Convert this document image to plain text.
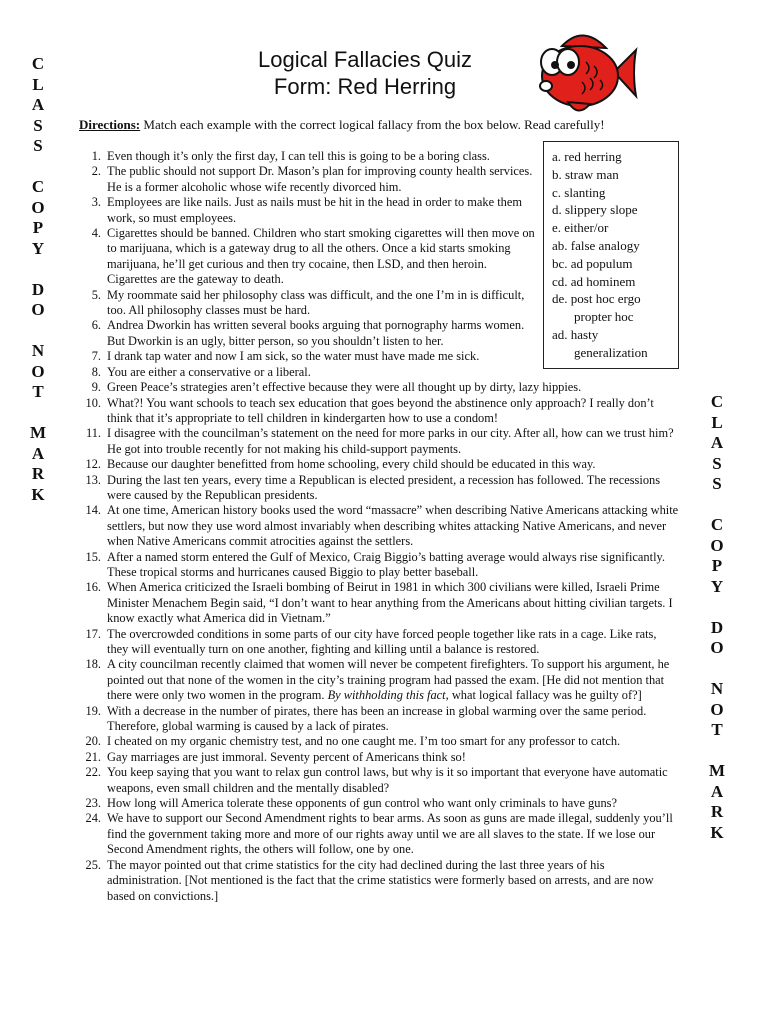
C
L
A
S
S
C
O
P
Y
D
O
N
O
T
M
A
R
K
C
L
A
S
S
C
O
P
Y
D
O
N
O
T
M
A
R
K
Logical Fallacies Quiz
Form: Red Herring
Directions: Match each example with the correct logical fallacy from the box below. Read carefully!
1. Even though it’s only the first day, I can tell this is going to be a boring class.
2. The public should not support Dr. Mason’s plan for improving county health services. He is a former alcoholic whose wife recently divorced him.
3. Employees are like nails. Just as nails must be hit in the head in order to make them work, so must employees.
4. Cigarettes should be banned. Children who start smoking cigarettes will then move on to marijuana, which is a gateway drug to all the others. Once a kid starts smoking marijuana, he’ll get curious and then try cocaine, then LSD, and then heroin. Cigarettes are the gateway to death.
5. My roommate said her philosophy class was difficult, and the one I’m in is difficult, too. All philosophy classes must be hard.
6. Andrea Dworkin has written several books arguing that pornography harms women. But Dworkin is an ugly, bitter person, so you shouldn’t listen to her.
7. I drank tap water and now I am sick, so the water must have made me sick.
8. You are either a conservative or a liberal.
9. Green Peace’s strategies aren’t effective because they were all thought up by dirty, lazy hippies.
10. What?! You want schools to teach sex education that goes beyond the abstinence only approach? I really don’t think that it’s appropriate to tell children in kindergarten how to use a condom!
11. I disagree with the councilman’s statement on the need for more parks in our city. After all, how can we trust him? He got into trouble recently for not making his child-support payments.
12. Because our daughter benefitted from home schooling, every child should be educated in this way.
13. During the last ten years, every time a Republican is elected president, a recession has followed. The recessions were caused by the Republican presidents.
14. At one time, American history books used the word “massacre” when describing Native Americans attacking white settlers, but now they use word almost invariably when describing whites attacking Native Americans, and never when Native Americans commit atrocities against the settlers.
15. After a named storm entered the Gulf of Mexico, Craig Biggio’s batting average would always rise significantly. These tropical storms and hurricanes caused Biggio to play better baseball.
16. When America criticized the Israeli bombing of Beirut in 1981 in which 300 civilians were killed, Israeli Prime Minister Menachem Begin said, “I don’t want to hear anything from the Americans about hitting civilian targets. I know exactly what America did in Vietnam.”
17. The overcrowded conditions in some parts of our city have forced people together like rats in a cage. Like rats, they will eventually turn on one another, fighting and killing until a balance is restored.
18. A city councilman recently claimed that women will never be competent firefighters. To support his argument, he pointed out that none of the women in the city’s training program had passed the exam. [He did not mention that there were only two women in the program. By withholding this fact, what logical fallacy was he guilty of?]
19. With a decrease in the number of pirates, there has been an increase in global warming over the same period. Therefore, global warming is caused by a lack of pirates.
20. I cheated on my organic chemistry test, and no one caught me. I’m too smart for any professor to catch.
21. Gay marriages are just immoral. Seventy percent of Americans think so!
22. You keep saying that you want to relax gun control laws, but why is it so important that everyone have automatic weapons, even small children and the mentally disabled?
23. How long will America tolerate these opponents of gun control who want only criminals to have guns?
24. We have to support our Second Amendment rights to bear arms. As soon as guns are made illegal, suddenly you’ll find the government taking more and more of our rights away until we are all slaves to the state. If we lose our Second Amendment rights, the others will follow, one by one.
25. The mayor pointed out that crime statistics for the city had declined during the last three years of his administration. [Not mentioned is the fact that the crime statistics were formerly based on arrests, and are now based on convictions.]
a. red herring
b. straw man
c. slanting
d. slippery slope
e. either/or
ab. false analogy
bc. ad populum
cd. ad hominem
de. post hoc ergo
propter hoc
ad. hasty
generalization
